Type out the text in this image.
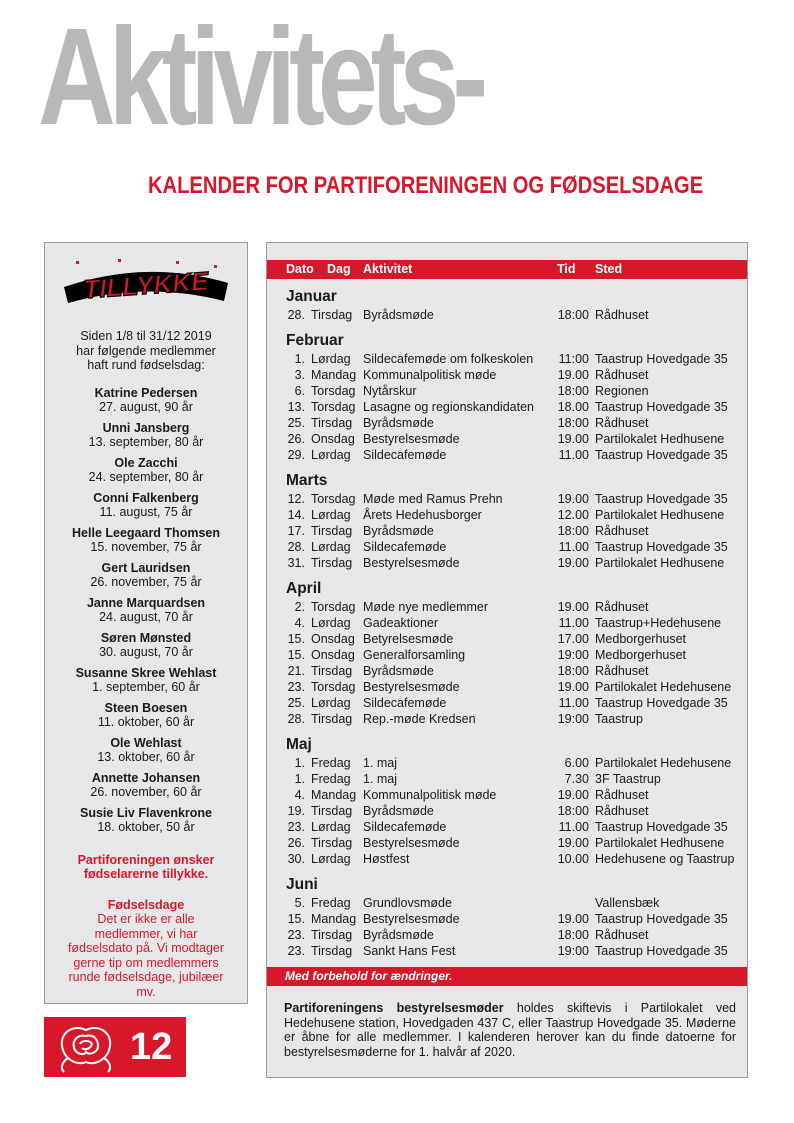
Aktivitets-
KALENDER FOR PARTIFORENINGEN OG FØDSELSDAGE
TILLYKKE
Siden 1/8 til 31/12 2019 har følgende medlemmer haft rund fødselsdag:
Katrine Pedersen
27. august, 90 år
Unni Jansberg
13. september, 80 år
Ole Zacchi
24. september, 80 år
Conni Falkenberg
11. august, 75 år
Helle Leegaard Thomsen
15. november, 75 år
Gert Lauridsen
26. november, 75 år
Janne Marquardsen
24. august, 70 år
Søren Mønsted
30. august, 70 år
Susanne Skree Wehlast
1. september, 60 år
Steen Boesen
11. oktober, 60 år
Ole Wehlast
13. oktober, 60 år
Annette Johansen
26. november, 60 år
Susie Liv Flavenkrone
18. oktober, 50 år
Partiforeningen ønsker fødselarerne tillykke.
Fødselsdage
Det er ikke er alle medlemmer, vi har fødselsdato på. Vi modtager gerne tip om medlemmers runde fødselsdage, jubilæer mv.
12
Dato Dag Aktivitet	Tid Sted
Januar
28. Tirsdag Byrådsmøde	18:00 Rådhuset
Februar
1. Lørdag Sildecafemøde om folkeskolen	11:00 Taastrup Hovedgade 35
3. Mandag Kommunalpolitisk møde	19.00 Rådhuset
6. Torsdag Nytårskur	18:00 Regionen
13. Torsdag Lasagne og regionskandidaten	18.00 Taastrup Hovedgade 35
25. Tirsdag Byrådsmøde	18:00 Rådhuset
26. Onsdag Bestyrelsesmøde	19.00 Partilokalet Hedhusene
29. Lørdag Sildecafemøde	11.00 Taastrup Hovedgade 35
Marts
12. Torsdag Møde med Ramus Prehn	19.00 Taastrup Hovedgade 35
14. Lørdag Årets Hedehusborger	12.00 Partilokalet Hedhusene
17. Tirsdag Byrådsmøde	18:00 Rådhuset
28. Lørdag Sildecafemøde	11.00 Taastrup Hovedgade 35
31. Tirsdag Bestyrelsesmøde	19.00 Partilokalet Hedhusene
April
2. Torsdag Møde nye medlemmer	19.00 Rådhuset
4. Lørdag Gadeaktioner	11.00 Taastrup+Hedehusene
15. Onsdag Betyrelsesmøde	17.00 Medborgerhuset
15. Onsdag Generalforsamling	19:00 Medborgerhuset
21. Tirsdag Byrådsmøde	18:00 Rådhuset
23. Torsdag Bestyrelsesmøde	19.00 Partilokalet Hedehusene
25. Lørdag Sildecafemøde	11.00 Taastrup Hovedgade 35
28. Tirsdag Rep.-møde Kredsen	19:00 Taastrup
Maj
1. Fredag 1. maj	6.00 Partilokalet Hedehusene
1. Fredag 1. maj	7.30 3F Taastrup
4. Mandag Kommunalpolitisk møde	19.00 Rådhuset
19. Tirsdag Byrådsmøde	18:00 Rådhuset
23. Lørdag Sildecafemøde	11.00 Taastrup Hovedgade 35
26. Tirsdag Bestyrelsesmøde	19.00 Partilokalet Hedhusene
30. Lørdag Høstfest	10.00 Hedehusene og Taastrup
Juni
5. Fredag Grundlovsmøde	Vallensbæk
15. Mandag Bestyrelsesmøde	19.00 Taastrup Hovedgade 35
23. Tirsdag Byrådsmøde	18:00 Rådhuset
23. Tirsdag Sankt Hans Fest	19:00 Taastrup Hovedgade 35
Med forbehold for ændringer.
Partiforeningens bestyrelsesmøder holdes skiftevis i Partilokalet ved Hedehusene station, Hovedgaden 437 C, eller Taastrup Hovedgade 35. Møderne er åbne for alle medlemmer. I kalenderen herover kan du finde datoerne for bestyrelsesmøderne for 1. halvår af 2020.
